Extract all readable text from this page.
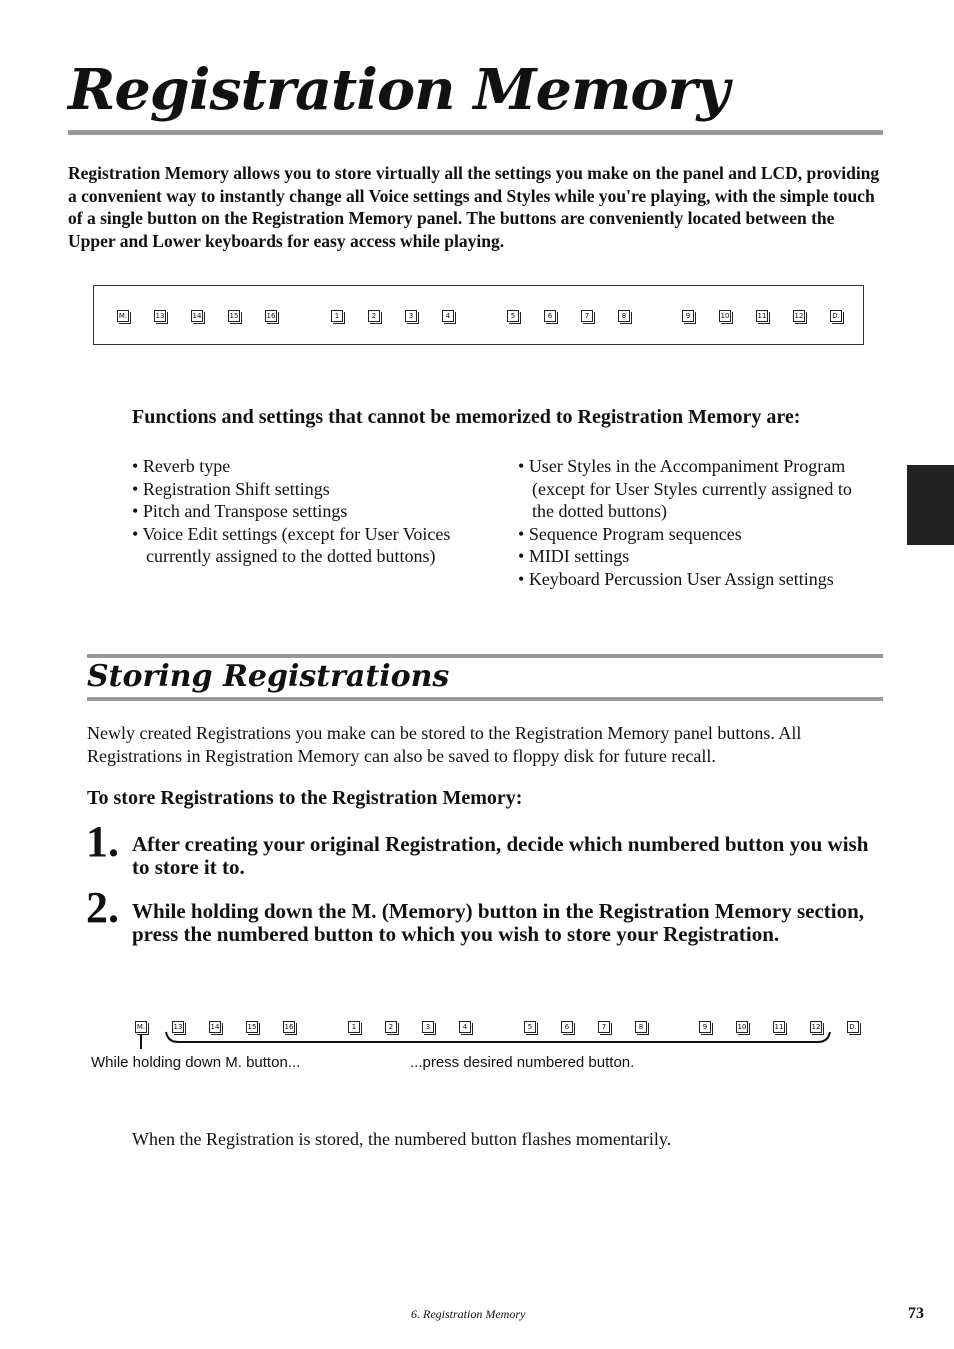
Registration Memory

Registration Memory allows you to store virtually all the settings you make on the panel and LCD, providing a convenient way to instantly change all Voice settings and Styles while you're playing, with the simple touch of a single button on the Registration Memory panel. The buttons are conveniently located between the Upper and Lower keyboards for easy access while playing.

M.	13	14	15	16	1	2	3	4	5	6	7	8	9	10	11	12	D.
Functions and settings that cannot be memorized to Registration Memory are:
• Reverb type
• Registration Shift settings
• Pitch and Transpose settings
• Voice Edit settings (except for User Voices currently assigned to the dotted buttons)
• User Styles in the Accompaniment Program (except for User Styles currently assigned to the dotted buttons)
• Sequence Program sequences
• MIDI settings
• Keyboard Percussion User Assign settings
Storing Registrations

Newly created Registrations you make can be stored to the Registration Memory panel buttons. All Registrations in Registration Memory can also be saved to floppy disk for future recall.

To store Registrations to the Registration Memory:
1. After creating your original Registration, decide which numbered button you wish to store it to.

2. While holding down the M. (Memory) button in the Registration Memory section, press the numbered button to which you wish to store your Registration.

M.	13	14	15	16	1	2	3	4	5	6	7	8	9	10	11	12	D.
While holding down M. button...	...press desired numbered button.

When the Registration is stored, the numbered button flashes momentarily.

6. Registration Memory	73
